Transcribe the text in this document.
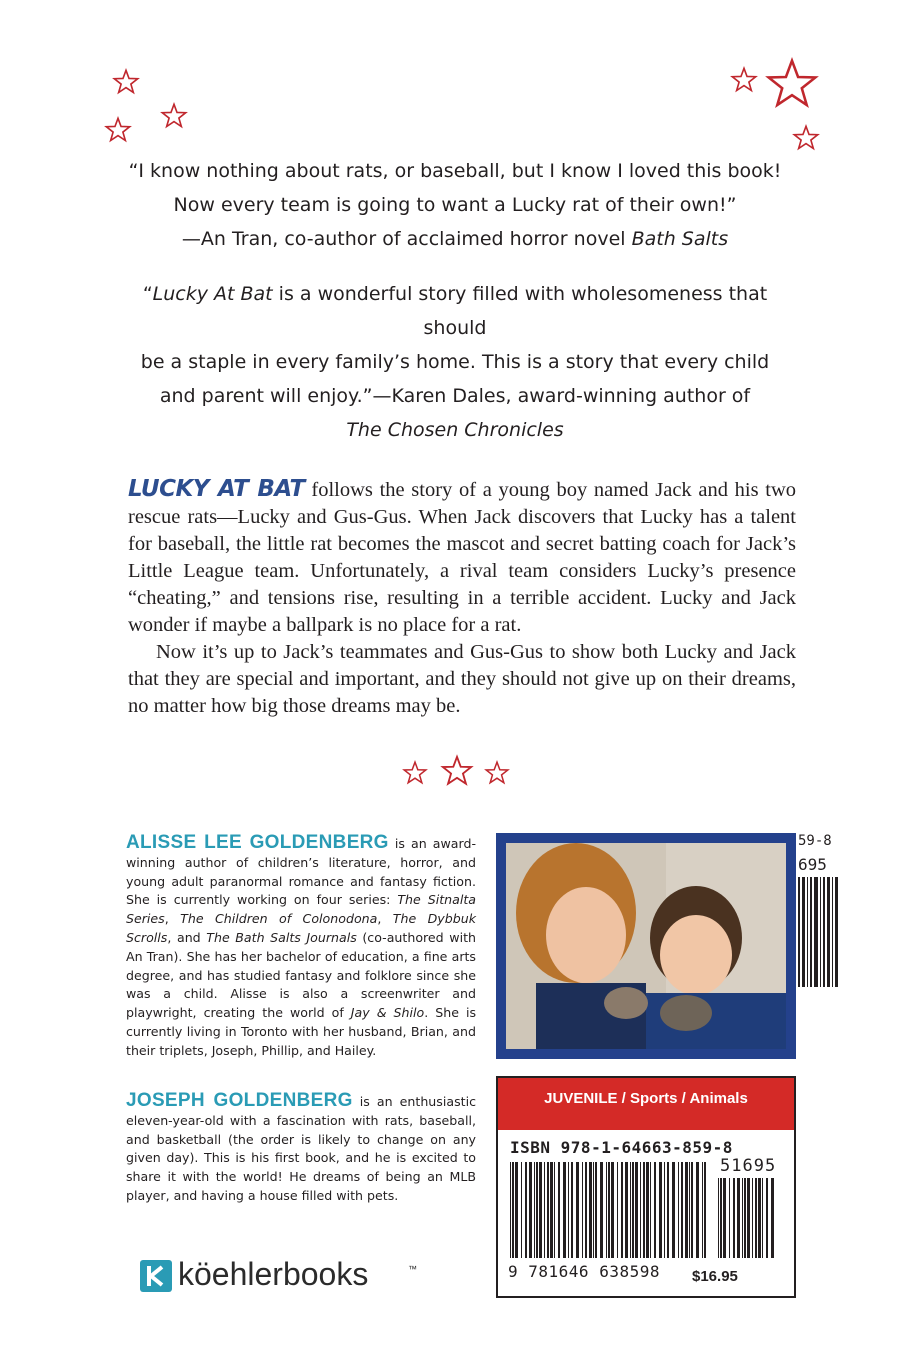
“I know nothing about rats, or baseball, but I know I loved this book!
Now every team is going to want a Lucky rat of their own!”
—An Tran, co-author of acclaimed horror novel Bath Salts
“Lucky At Bat is a wonderful story filled with wholesomeness that should
be a staple in every family’s home. This is a story that every child
and parent will enjoy.”—Karen Dales, award-winning author of
The Chosen Chronicles
LUCKY AT BAT follows the story of a young boy named Jack and his two rescue rats—Lucky and Gus-Gus. When Jack discovers that Lucky has a talent for baseball, the little rat becomes the mascot and secret batting coach for Jack’s Little League team. Unfortunately, a rival team considers Lucky’s presence “cheating,” and tensions rise, resulting in a terrible accident. Lucky and Jack wonder if maybe a ballpark is no place for a rat.
Now it’s up to Jack’s teammates and Gus-Gus to show both Lucky and Jack that they are special and important, and they should not give up on their dreams, no matter how big those dreams may be.
ALISSE LEE GOLDENBERG is an award-winning author of children’s literature, horror, and young adult paranormal romance and fantasy fiction. She is currently working on four series: The Sitnalta Series, The Children of Colonodona, The Dybbuk Scrolls, and The Bath Salts Journals (co-authored with An Tran). She has her bachelor of education, a fine arts degree, and has studied fantasy and folklore since she was a child. Alisse is also a screenwriter and playwright, creating the world of Jay & Shilo. She is currently living in Toronto with her husband, Brian, and their triplets, Joseph, Phillip, and Hailey.
JOSEPH GOLDENBERG is an enthusiastic eleven-year-old with a fascination with rats, baseball, and basketball (the order is likely to change on any given day). This is his first book, and he is excited to share it with the world! He dreams of being an MLB player, and having a house filled with pets.
59-8
695
JUVENILE / Sports / Animals
ISBN 978-1-64663-859-8
51695
9 781646 638598 $16.95
köehlerbooks	™
